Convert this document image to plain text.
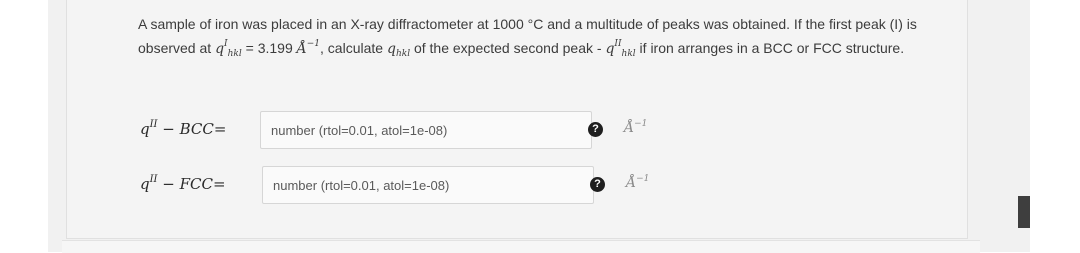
A sample of iron was placed in an X-ray diffractometer at 1000 °C and a multitude of peaks was obtained. If the first peak (I) is observed at $q^I_{hkl} = 3.199$ $Å^{-1}$, calculate $q_{hkl}$ of the expected second peak - $q^{II}_{hkl}$ if iron arranges in a BCC or FCC structure.
$q^{II} - BCC=$
number (rtol=0.01, atol=1e-08)	? $Å^{-1}$
$q^{II} - FCC=$
number (rtol=0.01, atol=1e-08)	? $Å^{-1}$
